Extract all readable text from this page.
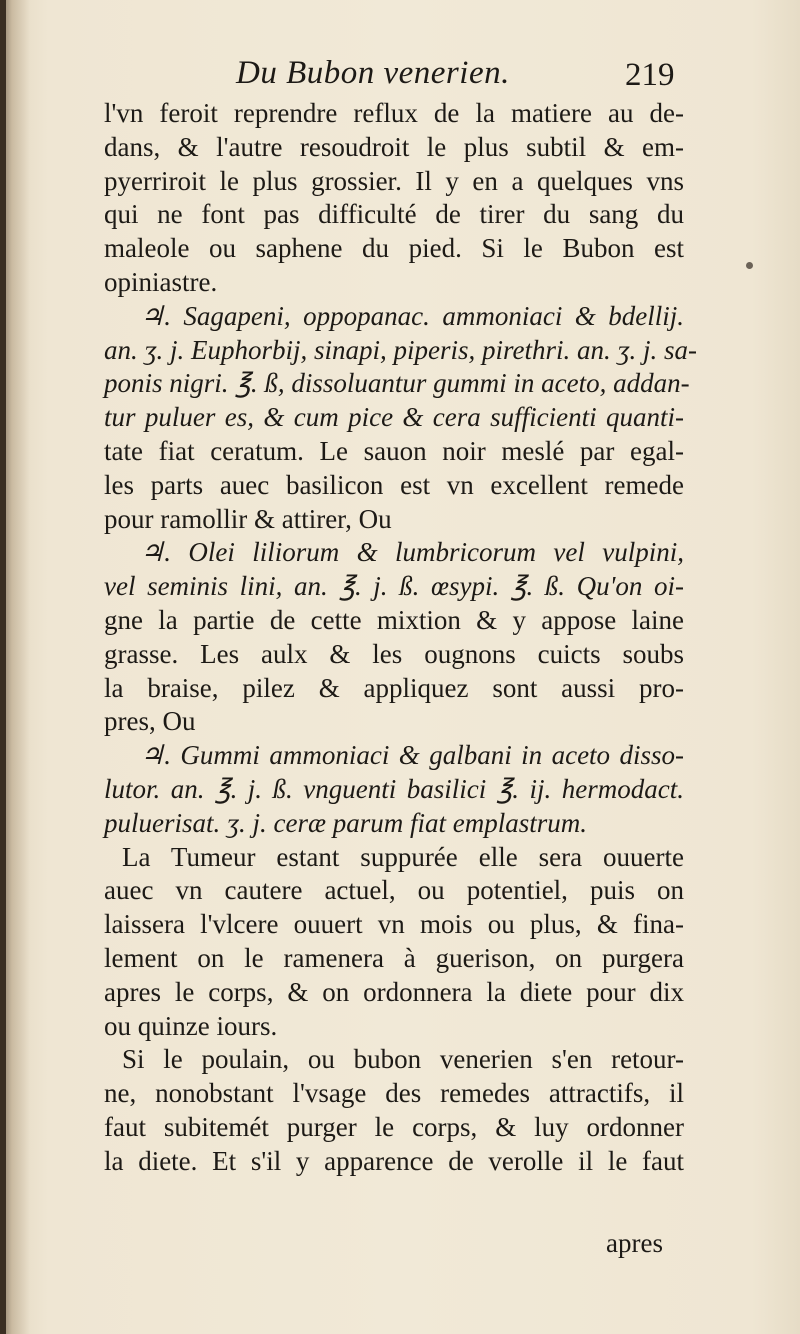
Du Bubon venerien.	219
l'vn feroit reprendre reflux de la matiere au de-
dans, & l'autre resoudroit le plus subtil & em-
pyerriroit le plus grossier. Il y en a quelques vns
qui ne font pas difficulté de tirer du sang du
maleole ou saphene du pied. Si le Bubon est
opiniastre.
♃. Sagapeni, oppopanac. ammoniaci & bdellij.
an. ʒ. j. Euphorbij, sinapi, piperis, pirethri. an. ʒ. j. sa-
ponis nigri. ℥. ß, dissoluantur gummi in aceto, addan-
tur puluer es, & cum pice & cera sufficienti quanti-
tate fiat ceratum. Le sauon noir meslé par egal-
les parts auec basilicon est vn excellent remede
pour ramollir & attirer, Ou
♃. Olei liliorum & lumbricorum vel vulpini,
vel seminis lini, an. ℥. j. ß. œsypi. ℥. ß. Qu'on oi-
gne la partie de cette mixtion & y appose laine
grasse. Les aulx & les ougnons cuicts soubs
la braise, pilez & appliquez sont aussi pro-
pres, Ou
♃. Gummi ammoniaci & galbani in aceto disso-
lutor. an. ℥. j. ß. vnguenti basilici ℥. ij. hermodact.
puluerisat. ʒ. j. ceræ parum fiat emplastrum.
La Tumeur estant suppurée elle sera ouuerte
auec vn cautere actuel, ou potentiel, puis on
laissera l'vlcere ouuert vn mois ou plus, & fina-
lement on le ramenera à guerison, on purgera
apres le corps, & on ordonnera la diete pour dix
ou quinze iours.
Si le poulain, ou bubon venerien s'en retour-
ne, nonobstant l'vsage des remedes attractifs, il
faut subitemét purger le corps, & luy ordonner
la diete. Et s'il y apparence de verolle il le faut
apres
